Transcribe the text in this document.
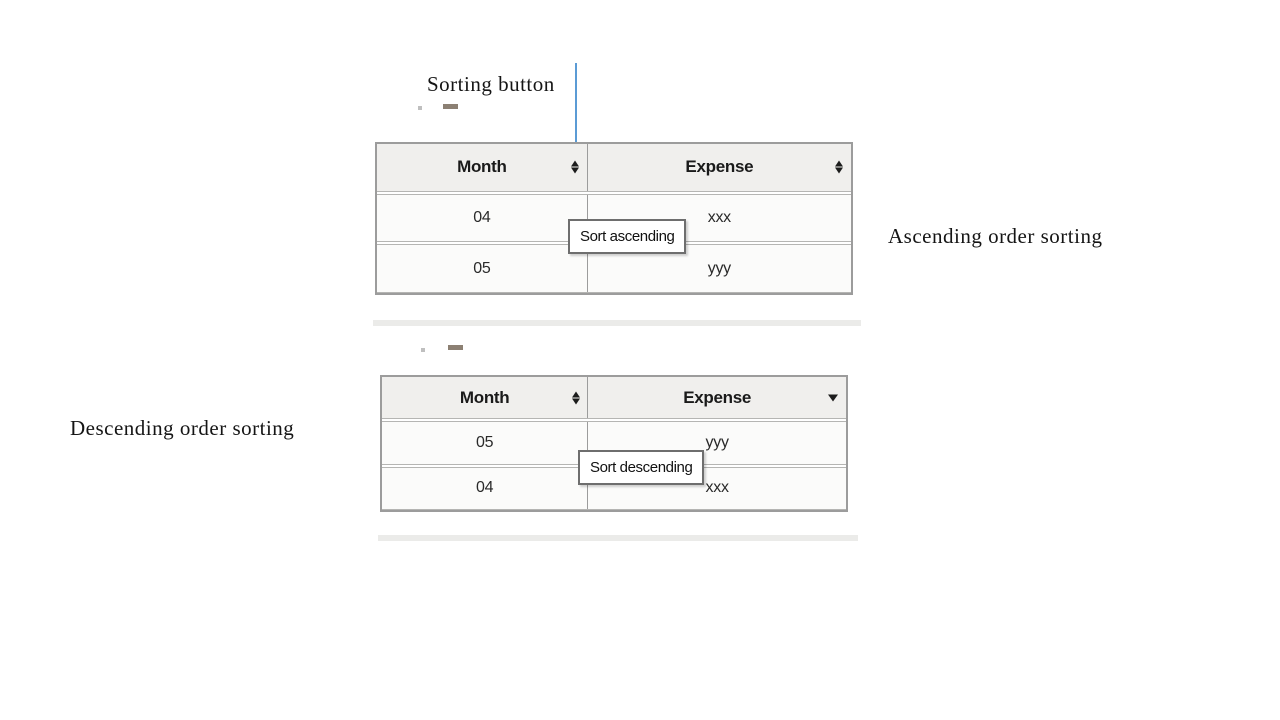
Sorting button
Month	Expense
04	xxx
05	yyy
Sort ascending	Ascending order sorting
Descending order sorting
Month	Expense
05	yyy
04	xxx
Sort descending
